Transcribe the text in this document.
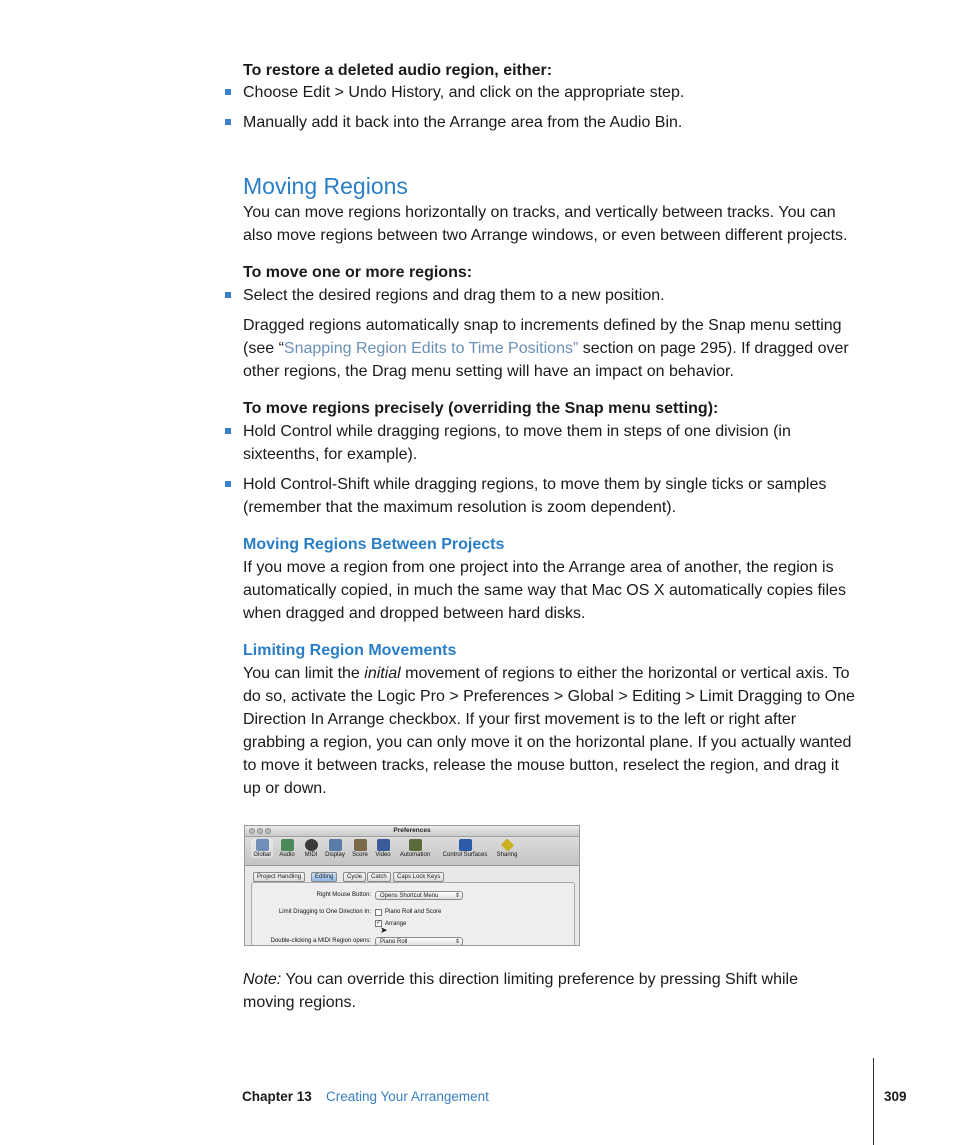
To restore a deleted audio region, either:
Choose Edit > Undo History, and click on the appropriate step.
Manually add it back into the Arrange area from the Audio Bin.
Moving Regions
You can move regions horizontally on tracks, and vertically between tracks. You can
also move regions between two Arrange windows, or even between different projects.
To move one or more regions:
Select the desired regions and drag them to a new position.
Dragged regions automatically snap to increments defined by the Snap menu setting
(see “Snapping Region Edits to Time Positions” section on page 295). If dragged over
other regions, the Drag menu setting will have an impact on behavior.
To move regions precisely (overriding the Snap menu setting):
Hold Control while dragging regions, to move them in steps of one division (in
sixteenths, for example).
Hold Control-Shift while dragging regions, to move them by single ticks or samples
(remember that the maximum resolution is zoom dependent).
Moving Regions Between Projects
If you move a region from one project into the Arrange area of another, the region is
automatically copied, in much the same way that Mac OS X automatically copies files
when dragged and dropped between hard disks.
Limiting Region Movements
You can limit the initial movement of regions to either the horizontal or vertical axis. To
do so, activate the Logic Pro > Preferences > Global > Editing > Limit Dragging to One
Direction In Arrange checkbox. If your first movement is to the left or right after
grabbing a region, you can only move it on the horizontal plane. If you actually wanted
to move it between tracks, release the mouse button, reselect the region, and drag it
up or down.
Preferences
Global	Audio	MIDI	Display	Score	Video	Automation	Control Surfaces	Sharing
Project Handling	Editing	Cycle	Catch	Caps Lock Keys
Right Mouse Button:	Opens Shortcut Menu	⇕
Limit Dragging to One Direction In: Piano Roll and Score
✓ Arrange
➤
Double-clicking a MIDI Region opens:	Piano Roll	⇕
Note: You can override this direction limiting preference by pressing Shift while
moving regions.
Chapter 13 Creating Your Arrangement	309
